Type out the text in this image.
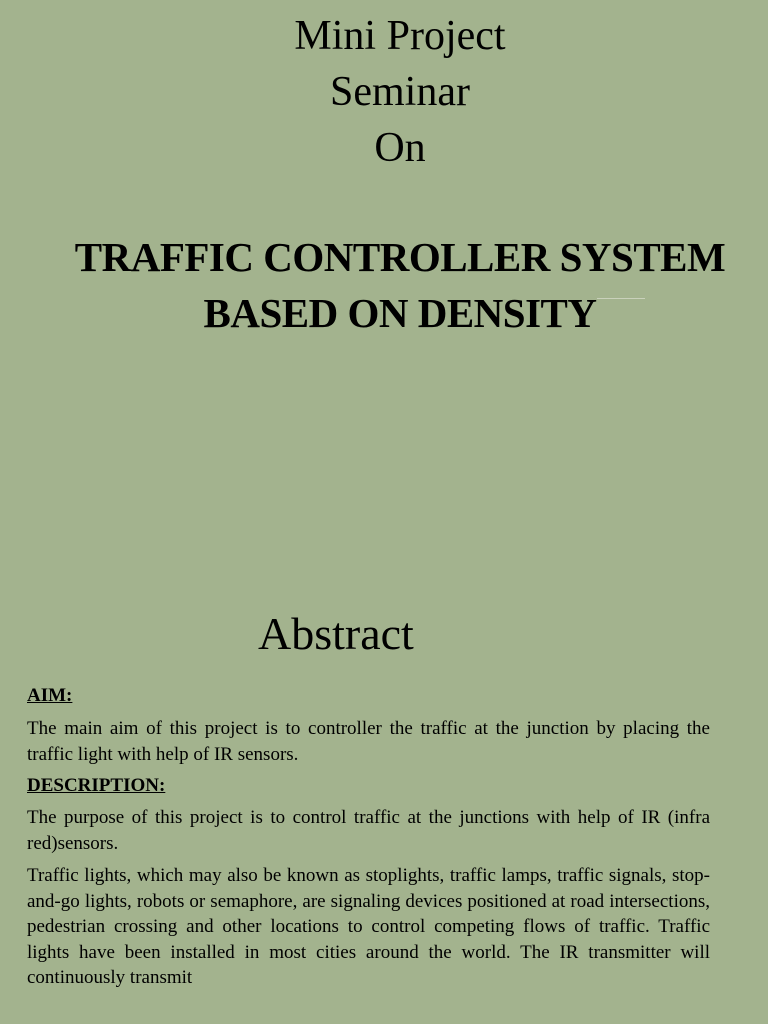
Mini Project
Seminar
On
TRAFFIC CONTROLLER SYSTEM
BASED ON DENSITY
Abstract

AIM:

The main aim of this project is to controller the traffic at the junction by placing the traffic light with help of IR sensors.

DESCRIPTION:

The purpose of this project is to control traffic at the junctions with help of IR (infra red)sensors.

Traffic lights, which may also be known as stoplights, traffic lamps, traffic signals, stop-and-go lights, robots or semaphore, are signaling devices positioned at road intersections, pedestrian crossing and other locations to control competing flows of traffic. Traffic lights have been installed in most cities around the world. The IR transmitter will continuously transmit
